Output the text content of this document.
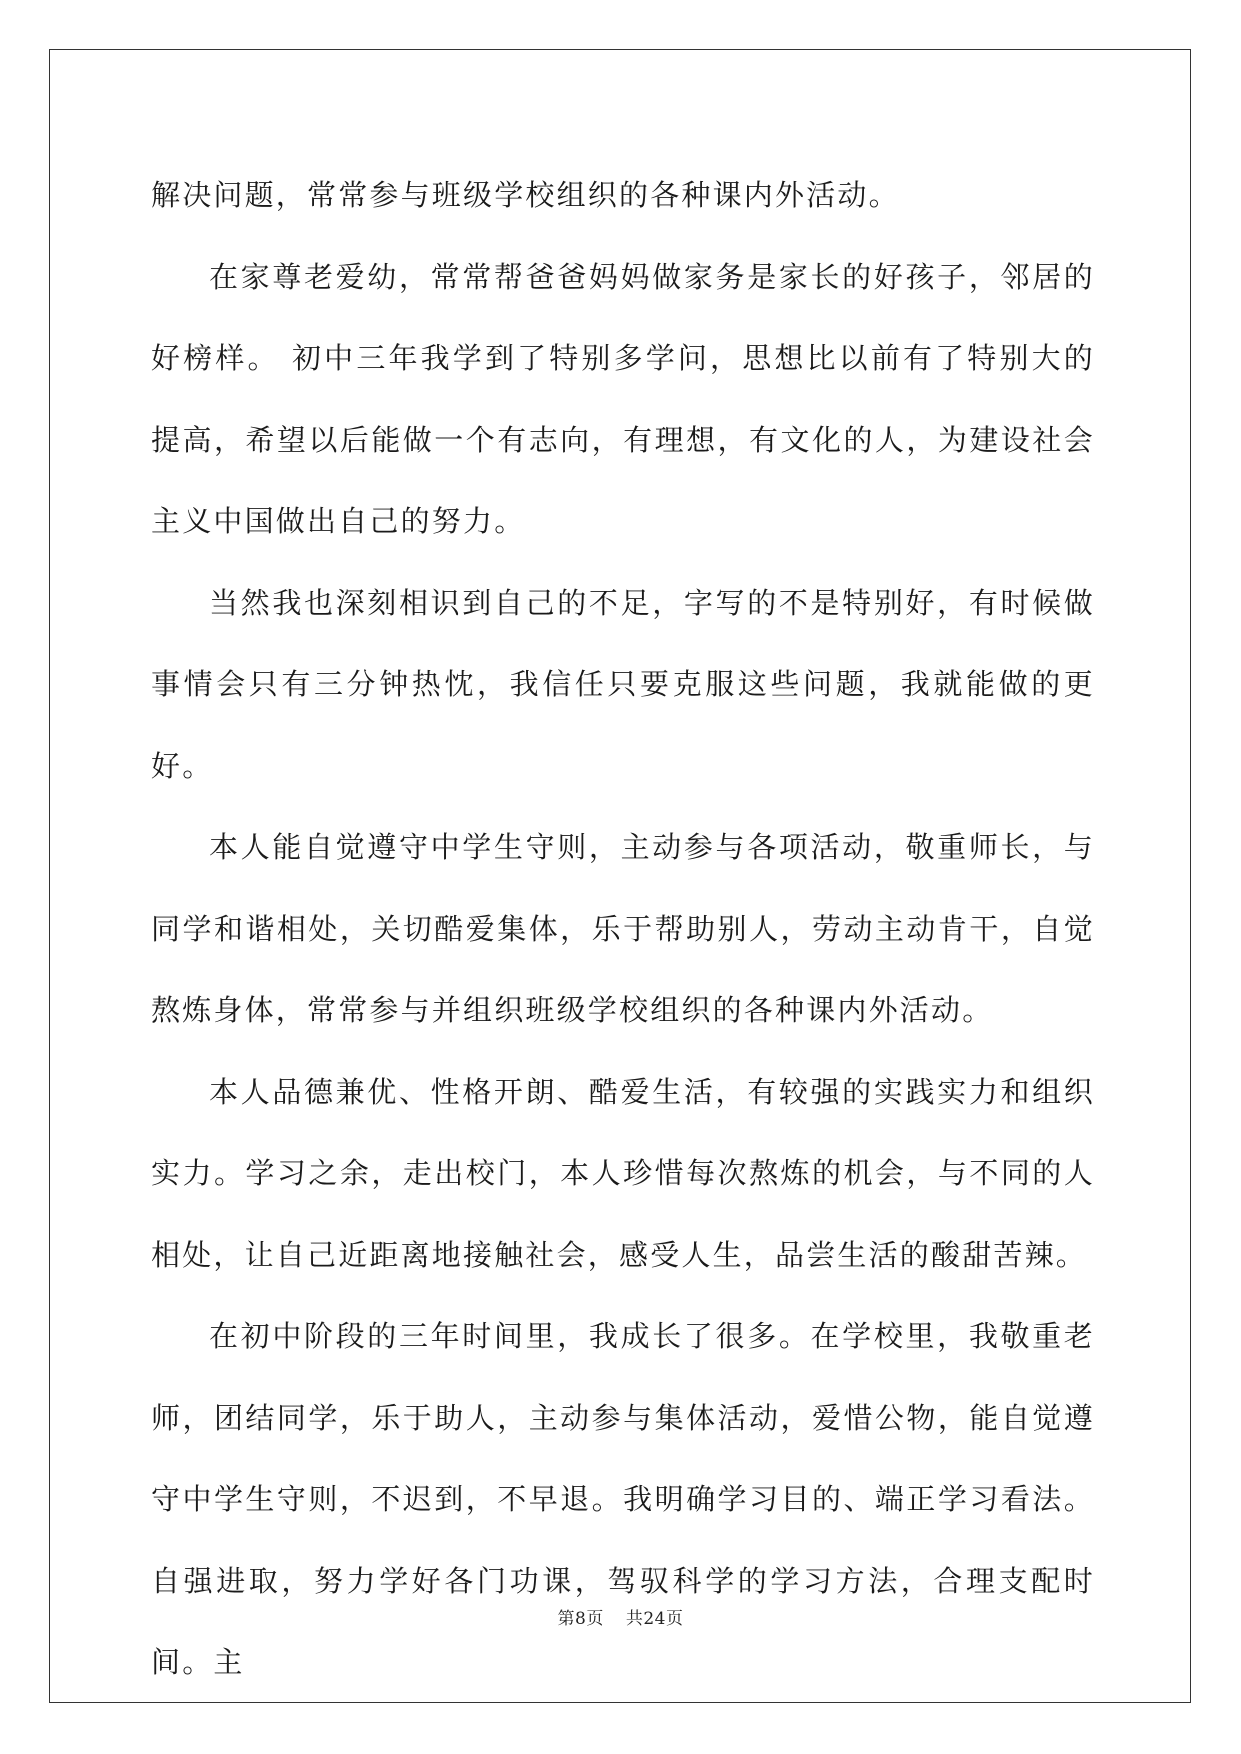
解决问题，常常参与班级学校组织的各种课内外活动。

在家尊老爱幼，常常帮爸爸妈妈做家务是家长的好孩子，邻居的好榜样。 初中三年我学到了特别多学问，思想比以前有了特别大的提高，希望以后能做一个有志向，有理想，有文化的人，为建设社会主义中国做出自己的努力。

当然我也深刻相识到自己的不足，字写的不是特别好，有时候做事情会只有三分钟热忱，我信任只要克服这些问题，我就能做的更好。

本人能自觉遵守中学生守则，主动参与各项活动，敬重师长，与同学和谐相处，关切酷爱集体，乐于帮助别人，劳动主动肯干，自觉熬炼身体，常常参与并组织班级学校组织的各种课内外活动。

本人品德兼优、性格开朗、酷爱生活，有较强的实践实力和组织实力。学习之余，走出校门，本人珍惜每次熬炼的机会，与不同的人相处，让自己近距离地接触社会，感受人生，品尝生活的酸甜苦辣。

在初中阶段的三年时间里，我成长了很多。在学校里，我敬重老师，团结同学，乐于助人，主动参与集体活动，爱惜公物，能自觉遵守中学生守则，不迟到，不早退。我明确学习目的、端正学习看法。自强进取，努力学好各门功课，驾驭科学的学习方法，合理支配时间。主

第8页 共24页
